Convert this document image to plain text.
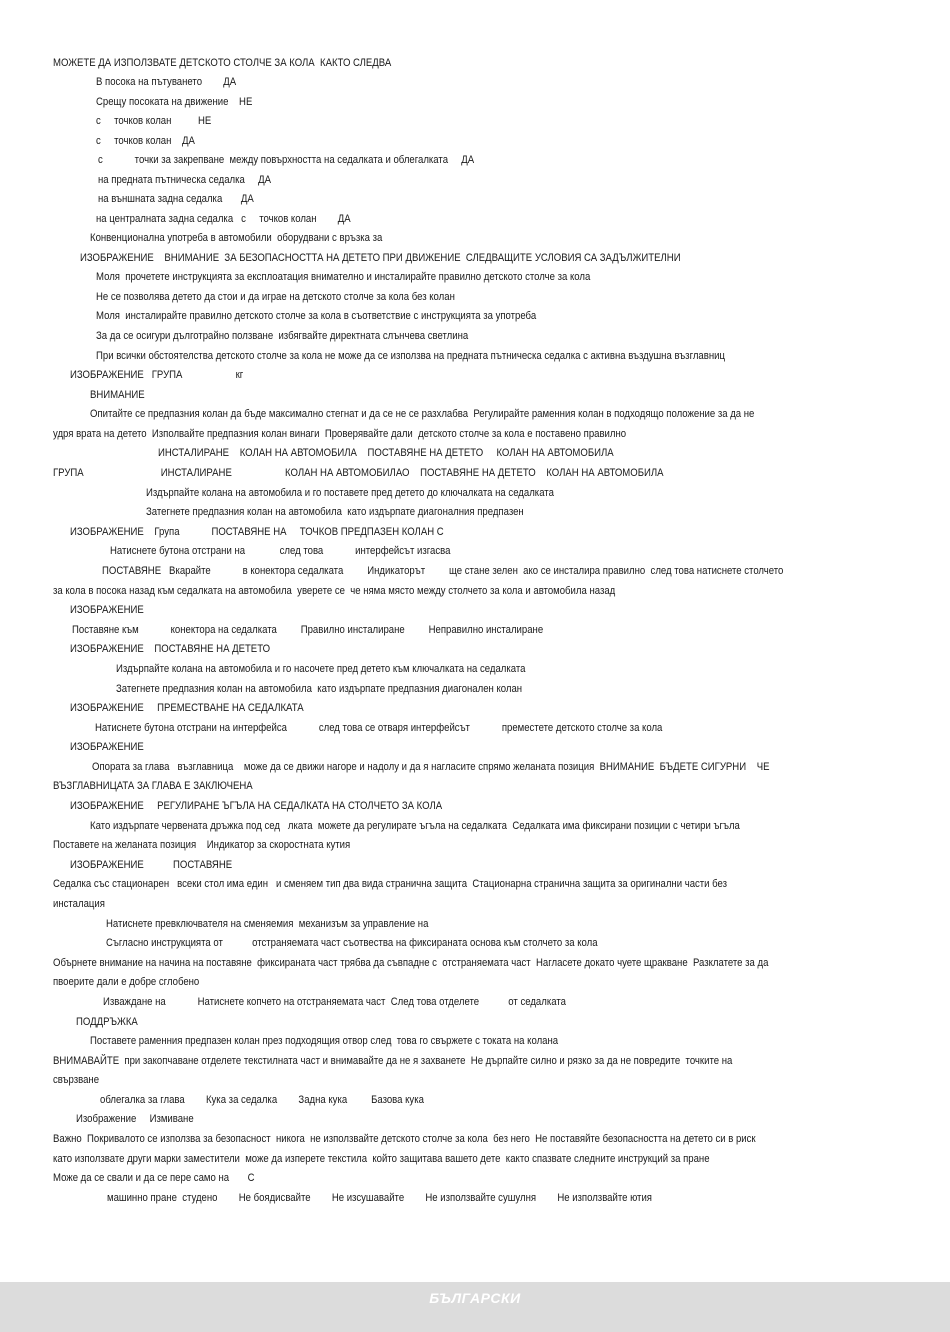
МОЖЕТЕ ДА ИЗПОЛЗВАТЕ ДЕТСКОТО СТОЛЧЕ ЗА КОЛА  КАКТО СЛЕДВА
В посока на пътуването        ДА
Срещу посоката на движение    НЕ
с     точков колан          НЕ
с     точков колан    ДА
с            точки за закрепване  между повърхността на седалката и облегалката     ДА
на предната пътническа седалка     ДА
на външната задна седалка       ДА
на централната задна седалка   с     точков колан        ДА
Конвенционална употреба в автомобили  оборудвани с връзка за
ИЗОБРАЖЕНИЕ    ВНИМАНИЕ  ЗА БЕЗОПАСНОСТТА НА ДЕТЕТО ПРИ ДВИЖЕНИЕ  СЛЕДВАЩИТЕ УСЛОВИЯ СА ЗАДЪЛЖИТЕЛНИ
Моля  прочетете инструкцията за експлоатация внимателно и инсталирайте правилно детското столче за кола
Не се позволява детето да стои и да играе на детското столче за кола без колан
Моля  инсталирайте правилно детското столче за кола в съответствие с инструкцията за употреба
За да се осигури дълготрайно ползване  избягвайте директната слънчева светлина
При всички обстоятелства детското столче за кола не може да се използва на предната пътническа седалка с активна въздушна възглавниц
ИЗОБРАЖЕНИЕ   ГРУПА                    кг
ВНИМАНИЕ
Опитайте се предпазния колан да бъде максимално стегнат и да се не се разхлабва  Регулирайте раменния колан в подходящо положение за да не
удря врата на детето  Изполвайте предпазния колан винаги  Проверявайте дали  детското столче за кола е поставено правилно
ИНСТАЛИРАНЕ    КОЛАН НА АВТОМОБИЛА    ПОСТАВЯНЕ НА ДЕТЕТО     КОЛАН НА АВТОМОБИЛА
ГРУПА                             ИНСТАЛИРАНЕ                    КОЛАН НА АВТОМОБИЛАО    ПОСТАВЯНЕ НА ДЕТЕТО    КОЛАН НА АВТОМОБИЛА
Издърпайте колана на автомобила и го поставете пред детето до ключалката на седалката
Затегнете предпазния колан на автомобила  като издърпате диагоналния предпазен
ИЗОБРАЖЕНИЕ    Група            ПОСТАВЯНЕ НА     ТОЧКОВ ПРЕДПАЗЕН КОЛАН С
Натиснете бутона отстрани на             след това            интерфейсът изгасва
ПОСТАВЯНЕ   Вкарайте            в конектора седалката         Индикаторът         ще стане зелен  ако се инсталира правилно  след това натиснете столчето
за кола в посока назад към седалката на автомобила  уверете се  че няма място между столчето за кола и автомобила назад
ИЗОБРАЖЕНИЕ
Поставяне към            конектора на седалката         Правилно инсталиране         Неправилно инсталиране
ИЗОБРАЖЕНИЕ    ПОСТАВЯНЕ НА ДЕТЕТО
Издърпайте колана на автомобила и го насочете пред детето към ключалката на седалката
Затегнете предпазния колан на автомобила  като издърпате предпазния диагонален колан
ИЗОБРАЖЕНИЕ     ПРЕМЕСТВАНЕ НА СЕДАЛКАТА
Натиснете бутона отстрани на интерфейса            след това се отваря интерфейсът            преместете детското столче за кола
ИЗОБРАЖЕНИЕ
Опората за глава   възглавница    може да се движи нагоре и надолу и да я нагласите спрямо желаната позиция  ВНИМАНИЕ  БЪДЕТЕ СИГУРНИ    ЧЕ
ВЪЗГЛАВНИЦАТА ЗА ГЛАВА Е ЗАКЛЮЧЕНА
ИЗОБРАЖЕНИЕ     РЕГУЛИРАНЕ ЪГЪЛА НА СЕДАЛКАТА НА СТОЛЧЕТО ЗА КОЛА
Като издърпате червената дръжка под сед   лката  можете да регулирате ъгъла на седалката  Седалката има фиксирани позиции с четири ъгъла
Поставете на желаната позиция    Индикатор за скоростната кутия
ИЗОБРАЖЕНИЕ           ПОСТАВЯНЕ
Седалка със стационарен   всеки стол има един   и сменяем тип два вида странична защита  Стационарна странична защита за оригинални части без
инсталация
Натиснете превключвателя на сменяемия  механизъм за управление на
Съгласно инструкцията от           отстраняемата част съотвества на фиксираната основа към столчето за кола
Обърнете внимание на начина на поставяне  фиксираната част трябва да съвпадне с  отстраняемата част  Нагласете докато чуете щракване  Разклатете за да
пвоерите дали е добре сглобено
Изваждане на            Натиснете копчето на отстраняемата част  След това отделете           от седалката
ПОДДРЪЖКА
Поставете раменния предпазен колан през подходящия отвор след  това го свържете с токата на колана
ВНИМАВАЙТЕ  при закопчаване отделете текстилната част и внимавайте да не я захванете  Не дърпайте силно и рязко за да не повредите  точките на
свързване
облегалка за глава        Кука за седалка        Задна кука         Базова кука
Изображение     Измиване
Важно  Покривалото се използва за безопасност  никога  не използвайте детското столче за кола  без него  Не поставяйте безопасността на детето си в риск
като използвате други марки заместители  може да изперете текстила  който защитава вашето дете  както спазвате следните инструкций за пране
Може да се свали и да се пере само на       С
машинно пране  студено        Не боядисвайте        Не изсушавайте        Не използвайте сушулня        Не използвайте ютия
БЪЛГАРСКИ
